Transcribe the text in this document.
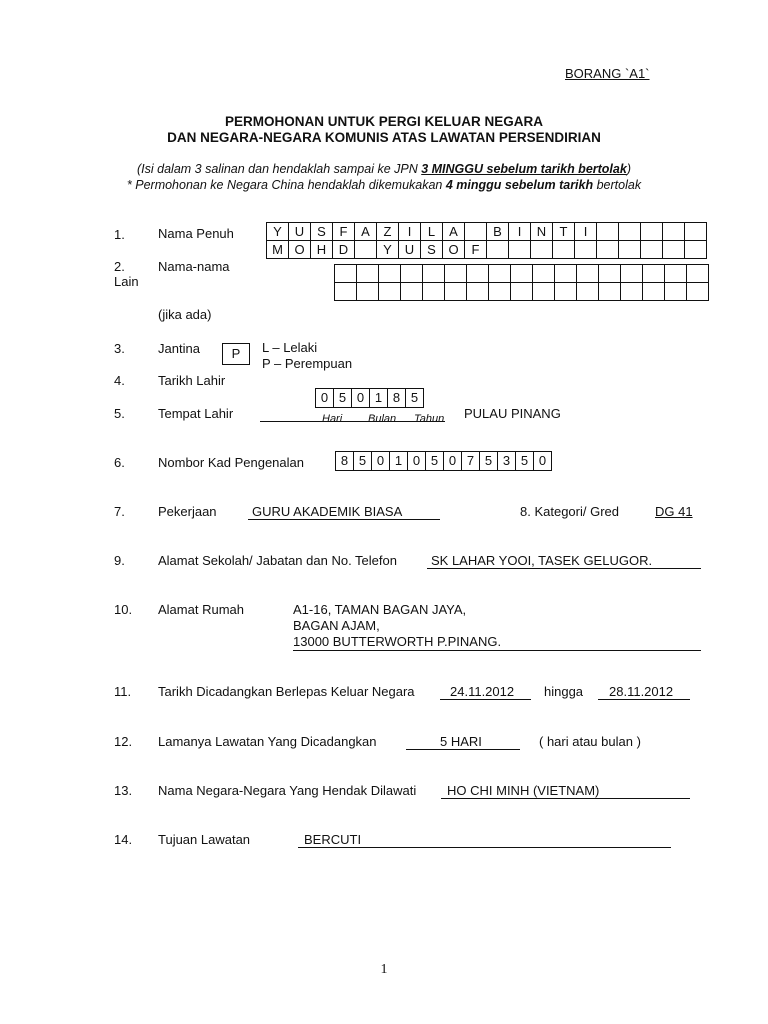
BORANG `A1`
PERMOHONAN UNTUK PERGI KELUAR NEGARA
DAN NEGARA-NEGARA KOMUNIS ATAS LAWATAN PERSENDIRIAN
(Isi dalam 3 salinan dan hendaklah sampai ke JPN 3 MINGGU sebelum tarikh bertolak)
* Permohonan ke Negara China hendaklah dikemukakan 4 minggu sebelum tarikh bertolak
1.	Nama Penuh	Y	U	S	F	A	Z	I	L	A		B	I	N	T	I					
M	O	H	D		Y	U	S	O	F										
2.	Nama-nama
Lain

(jika ada)
3.	Jantina	P	L – Lelaki
P – Perempuan
4.	Tarikh Lahir
0	5	0	1	8	5
Hari Bulan Tahun
5.	Tempat Lahir	PULAU PINANG
6.	Nombor Kad Pengenalan	8	5	0	1	0	5	0	7	5	3	5	0
7.	Pekerjaan	GURU AKADEMIK BIASA	8. Kategori/ Gred	DG 41
9.	Alamat Sekolah/ Jabatan dan No. Telefon	SK LAHAR YOOI, TASEK GELUGOR.
10. Alamat Rumah	A1-16, TAMAN BAGAN JAYA,
BAGAN AJAM,
13000 BUTTERWORTH P.PINANG.
11. Tarikh Dicadangkan Berlepas Keluar Negara	24.11.2012 hingga 28.11.2012
12. Lamanya Lawatan Yang Dicadangkan	5 HARI	( hari atau bulan )
13. Nama Negara-Negara Yang Hendak Dilawati HO CHI MINH (VIETNAM)
14. Tujuan Lawatan	BERCUTI
1
